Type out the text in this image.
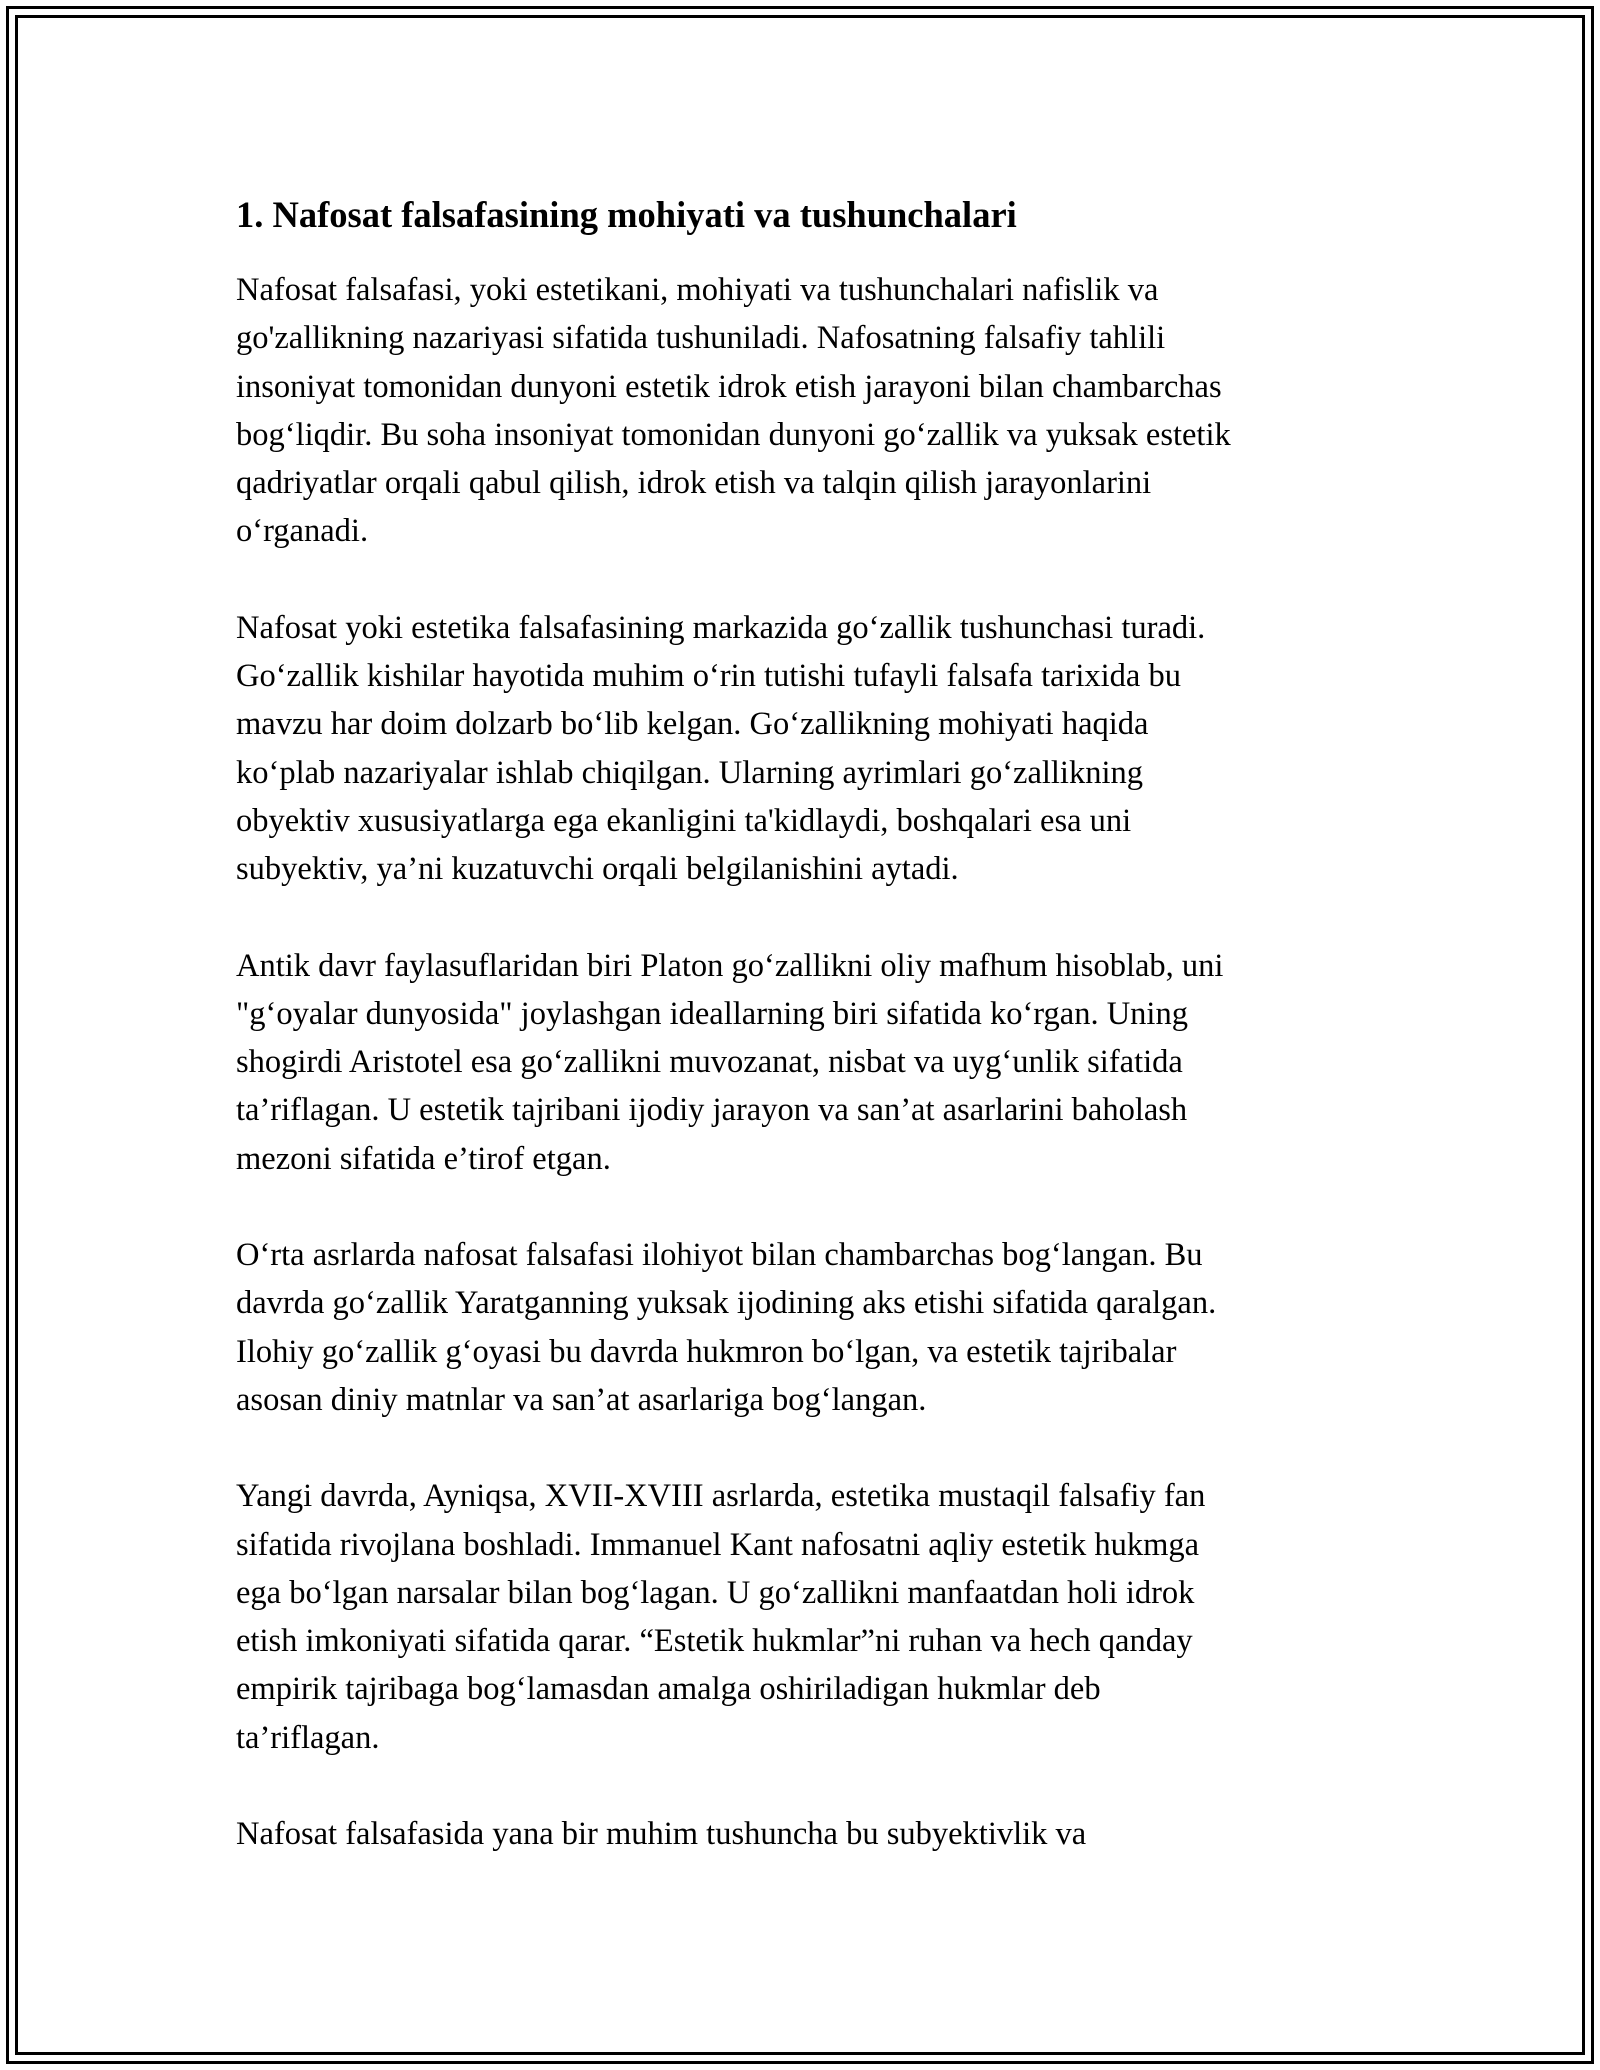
1. Nafosat falsafasining mohiyati va tushunchalari
Nafosat falsafasi, yoki estetikani, mohiyati va tushunchalari nafislik va
go'zallikning nazariyasi sifatida tushuniladi. Nafosatning falsafiy tahlili
insoniyat tomonidan dunyoni estetik idrok etish jarayoni bilan chambarchas
bog‘liqdir. Bu soha insoniyat tomonidan dunyoni go‘zallik va yuksak estetik
qadriyatlar orqali qabul qilish, idrok etish va talqin qilish jarayonlarini
o‘rganadi.
Nafosat yoki estetika falsafasining markazida go‘zallik tushunchasi turadi.
Go‘zallik kishilar hayotida muhim o‘rin tutishi tufayli falsafa tarixida bu
mavzu har doim dolzarb bo‘lib kelgan. Go‘zallikning mohiyati haqida
ko‘plab nazariyalar ishlab chiqilgan. Ularning ayrimlari go‘zallikning
obyektiv xususiyatlarga ega ekanligini ta'kidlaydi, boshqalari esa uni
subyektiv, ya’ni kuzatuvchi orqali belgilanishini aytadi.
Antik davr faylasuflaridan biri Platon go‘zallikni oliy mafhum hisoblab, uni
"g‘oyalar dunyosida" joylashgan ideallarning biri sifatida ko‘rgan. Uning
shogirdi Aristotel esa go‘zallikni muvozanat, nisbat va uyg‘unlik sifatida
ta’riflagan. U estetik tajribani ijodiy jarayon va san’at asarlarini baholash
mezoni sifatida e’tirof etgan.
O‘rta asrlarda nafosat falsafasi ilohiyot bilan chambarchas bog‘langan. Bu
davrda go‘zallik Yaratganning yuksak ijodining aks etishi sifatida qaralgan.
Ilohiy go‘zallik g‘oyasi bu davrda hukmron bo‘lgan, va estetik tajribalar
asosan diniy matnlar va san’at asarlariga bog‘langan.
Yangi davrda, Ayniqsa, XVII-XVIII asrlarda, estetika mustaqil falsafiy fan
sifatida rivojlana boshladi. Immanuel Kant nafosatni aqliy estetik hukmga
ega bo‘lgan narsalar bilan bog‘lagan. U go‘zallikni manfaatdan holi idrok
etish imkoniyati sifatida qarar. “Estetik hukmlar”ni ruhan va hech qanday
empirik tajribaga bog‘lamasdan amalga oshiriladigan hukmlar deb
ta’riflagan.
Nafosat falsafasida yana bir muhim tushuncha bu subyektivlik va
